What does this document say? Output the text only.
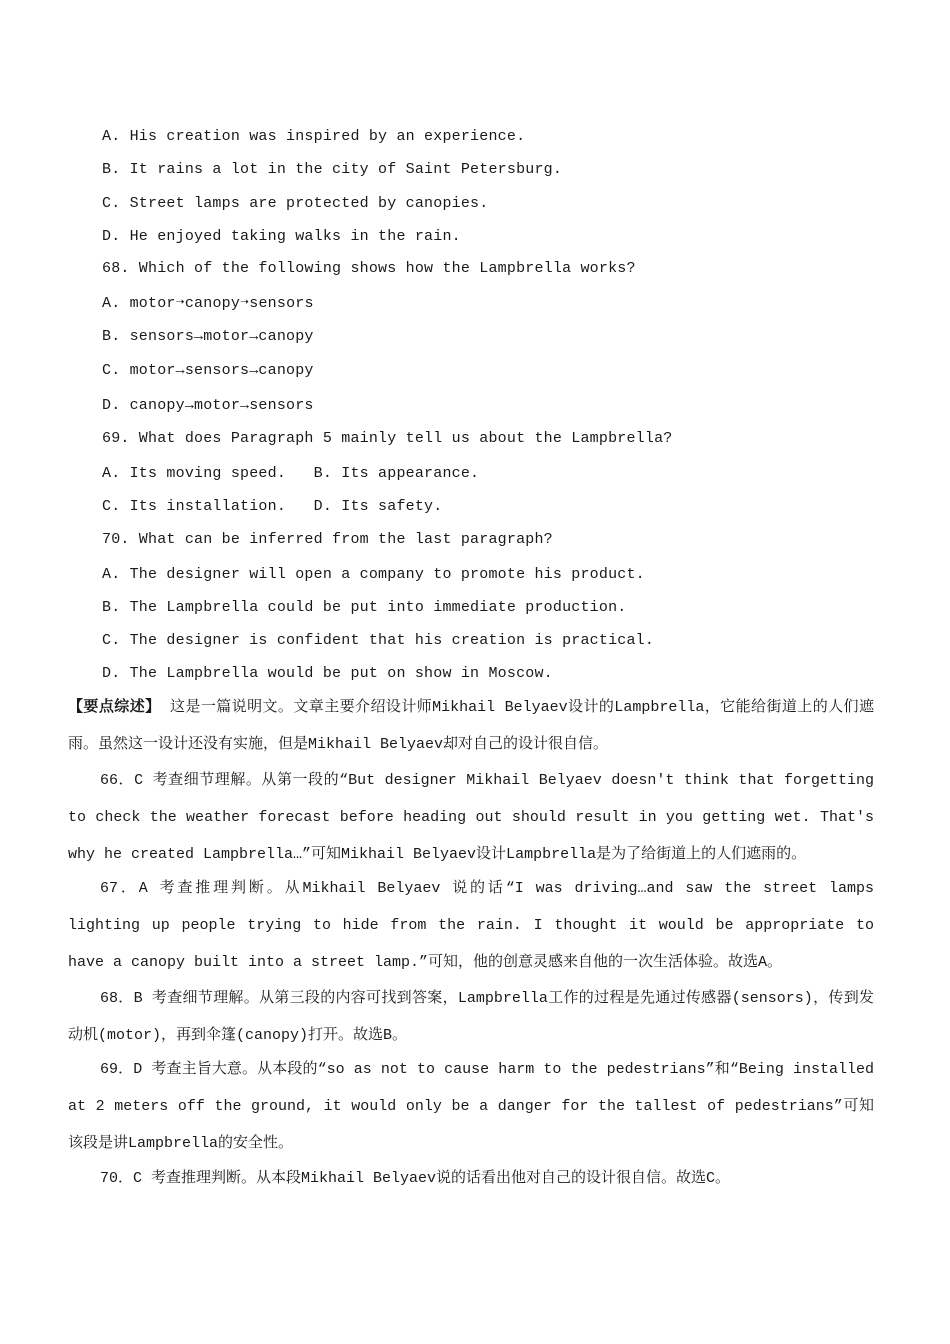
A. His creation was inspired by an experience.
B. It rains a lot in the city of Saint Petersburg.
C. Street lamps are protected by canopies.
D. He enjoyed taking walks in the rain.
68. Which of the following shows how the Lampbrella works?
A. motor➝canopy➝sensors
B. sensors→motor→canopy
C. motor→sensors→canopy
D. canopy→motor→sensors
69. What does Paragraph 5 mainly tell us about the Lampbrella?
A. Its moving speed.   B. Its appearance.
C. Its installation.   D. Its safety.
70. What can be inferred from the last paragraph?
A. The designer will open a company to promote his product.
B. The Lampbrella could be put into immediate production.
C. The designer is confident that his creation is practical.
D. The Lampbrella would be put on show in Moscow.
【要点综述】 这是一篇说明文。文章主要介绍设计师Mikhail Belyaev设计的Lampbrella，它能给街道上的人们遮雨。虽然这一设计还没有实施，但是Mikhail Belyaev却对自己的设计很自信。
66．C 考查细节理解。从第一段的“But designer Mikhail Belyaev doesn't think that forgetting to check the weather forecast before heading out should result in you getting wet. That's why he created Lampbrella…”可知Mikhail Belyaev设计Lampbrella是为了给街道上的人们遮雨的。
67．A 考查推理判断。从Mikhail Belyaev 说的话“I was driving…and saw the street lamps lighting up people trying to hide from the rain. I thought it would be appropriate to have a canopy built into a street lamp.”可知，他的创意灵感来自他的一次生活体验。故选A。
68．B 考查细节理解。从第三段的内容可找到答案，Lampbrella工作的过程是先通过传感器(sensors)，传到发动机(motor)，再到伞篷(canopy)打开。故选B。
69．D 考查主旨大意。从本段的“so as not to cause harm to the pedestrians”和“Being installed at 2 meters off the ground, it would only be a danger for the tallest of pedestrians”可知该段是讲Lampbrella的安全性。
70．C 考查推理判断。从本段Mikhail Belyaev说的话看出他对自己的设计很自信。故选C。
